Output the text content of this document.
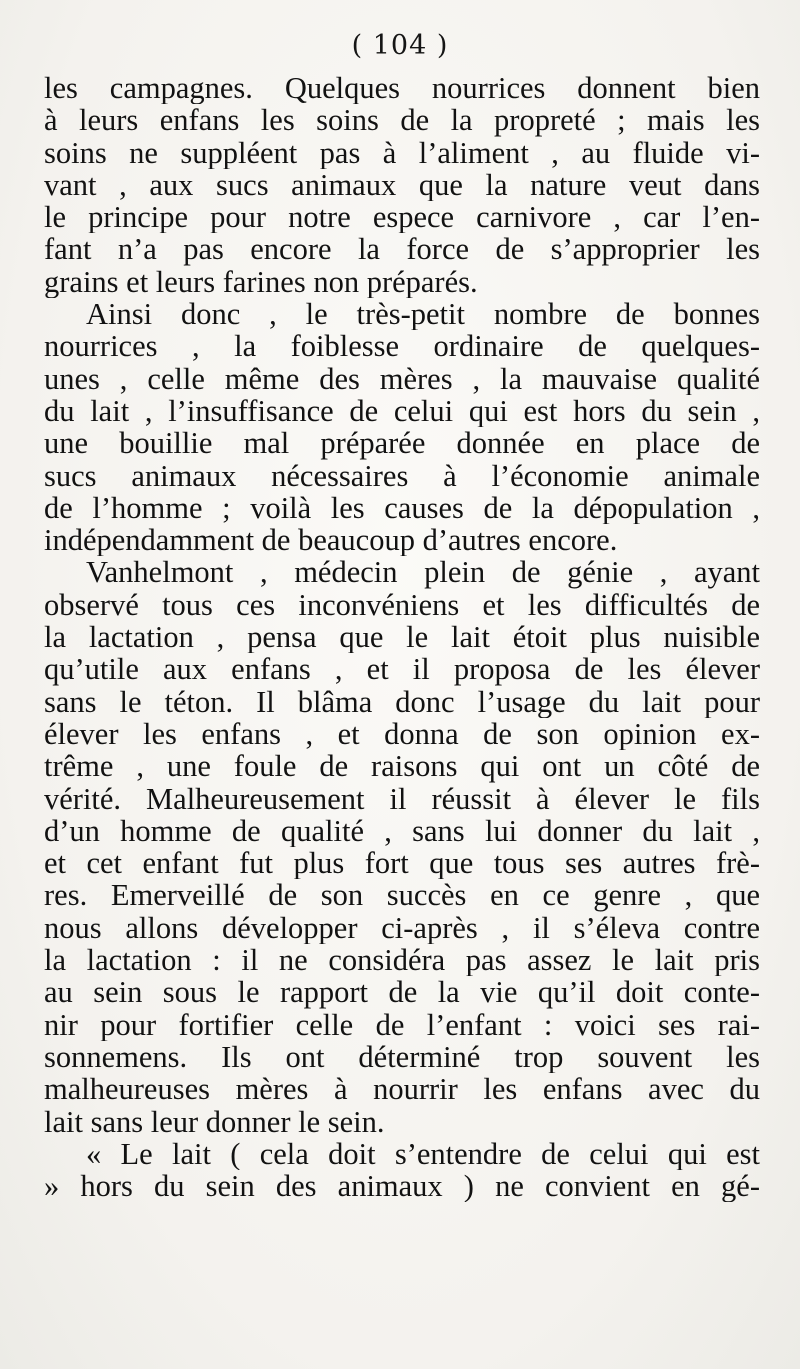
( 104 )
les campagnes. Quelques nourrices donnent bien
à leurs enfans les soins de la propreté ; mais les
soins ne suppléent pas à l’aliment , au fluide vi-
vant , aux sucs animaux que la nature veut dans
le principe pour notre espece carnivore , car l’en-
fant n’a pas encore la force de s’approprier les
grains et leurs farines non préparés.
Ainsi donc , le très-petit nombre de bonnes
nourrices , la foiblesse ordinaire de quelques-
unes , celle même des mères , la mauvaise qualité
du lait , l’insuffisance de celui qui est hors du sein ,
une bouillie mal préparée donnée en place de
sucs animaux nécessaires à l’économie animale
de l’homme ; voilà les causes de la dépopulation ,
indépendamment de beaucoup d’autres encore.
Vanhelmont , médecin plein de génie , ayant
observé tous ces inconvéniens et les difficultés de
la lactation , pensa que le lait étoit plus nuisible
qu’utile aux enfans , et il proposa de les élever
sans le téton. Il blâma donc l’usage du lait pour
élever les enfans , et donna de son opinion ex-
trême , une foule de raisons qui ont un côté de
vérité. Malheureusement il réussit à élever le fils
d’un homme de qualité , sans lui donner du lait ,
et cet enfant fut plus fort que tous ses autres frè-
res. Emerveillé de son succès en ce genre , que
nous allons développer ci-après , il s’éleva contre
la lactation : il ne considéra pas assez le lait pris
au sein sous le rapport de la vie qu’il doit conte-
nir pour fortifier celle de l’enfant : voici ses rai-
sonnemens. Ils ont déterminé trop souvent les
malheureuses mères à nourrir les enfans avec du
lait sans leur donner le sein.
« Le lait ( cela doit s’entendre de celui qui est
» hors du sein des animaux ) ne convient en gé-
